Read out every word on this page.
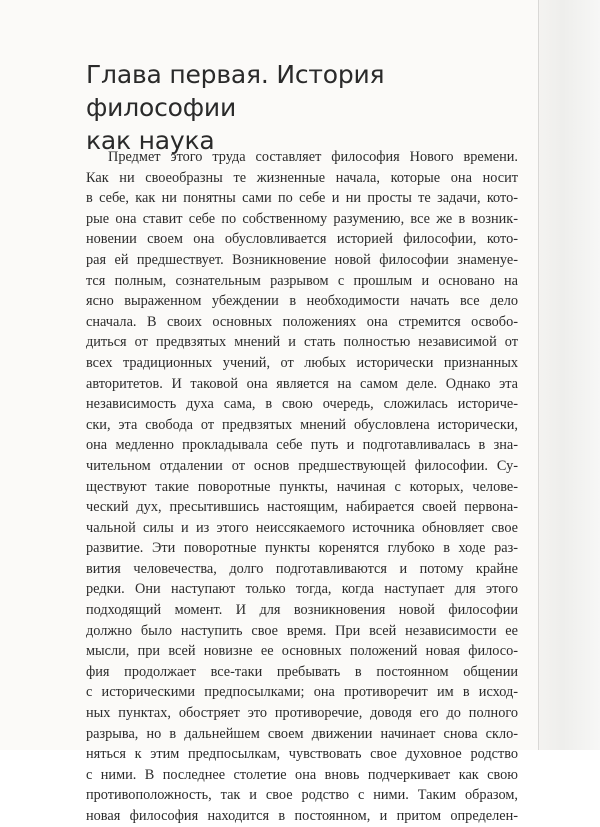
Глава первая. История философии
как наука
Предмет этого труда составляет философия Нового времени.
Как ни своеобразны те жизненные начала, которые она носит
в себе, как ни понятны сами по себе и ни просты те задачи, кото-
рые она ставит себе по собственному разумению, все же в возник-
новении своем она обусловливается историей философии, кото-
рая ей предшествует. Возникновение новой философии знаменуе-
тся полным, сознательным разрывом с прошлым и основано на
ясно выраженном убеждении в необходимости начать все дело
сначала. В своих основных положениях она стремится освобо-
диться от предвзятых мнений и стать полностью независимой от
всех традиционных учений, от любых исторически признанных
авторитетов. И таковой она является на самом деле. Однако эта
независимость духа сама, в свою очередь, сложилась историче-
ски, эта свобода от предвзятых мнений обусловлена исторически,
она медленно прокладывала себе путь и подготавливалась в зна-
чительном отдалении от основ предшествующей философии. Су-
ществуют такие поворотные пункты, начиная с которых, челове-
ческий дух, пресытившись настоящим, набирается своей первона-
чальной силы и из этого неиссякаемого источника обновляет свое
развитие. Эти поворотные пункты коренятся глубоко в ходе раз-
вития человечества, долго подготавливаются и потому крайне
редки. Они наступают только тогда, когда наступает для этого
подходящий момент. И для возникновения новой философии
должно было наступить свое время. При всей независимости ее
мысли, при всей новизне ее основных положений новая филосо-
фия продолжает все-таки пребывать в постоянном общении
с историческими предпосылками; она противоречит им в исход-
ных пунктах, обостряет это противоречие, доводя его до полного
разрыва, но в дальнейшем своем движении начинает снова скло-
няться к этим предпосылкам, чувствовать свое духовное родство
с ними. В последнее столетие она вновь подчеркивает как свою
противоположность, так и свое родство с ними. Таким образом,
новая философия находится в постоянном, и притом определен-
